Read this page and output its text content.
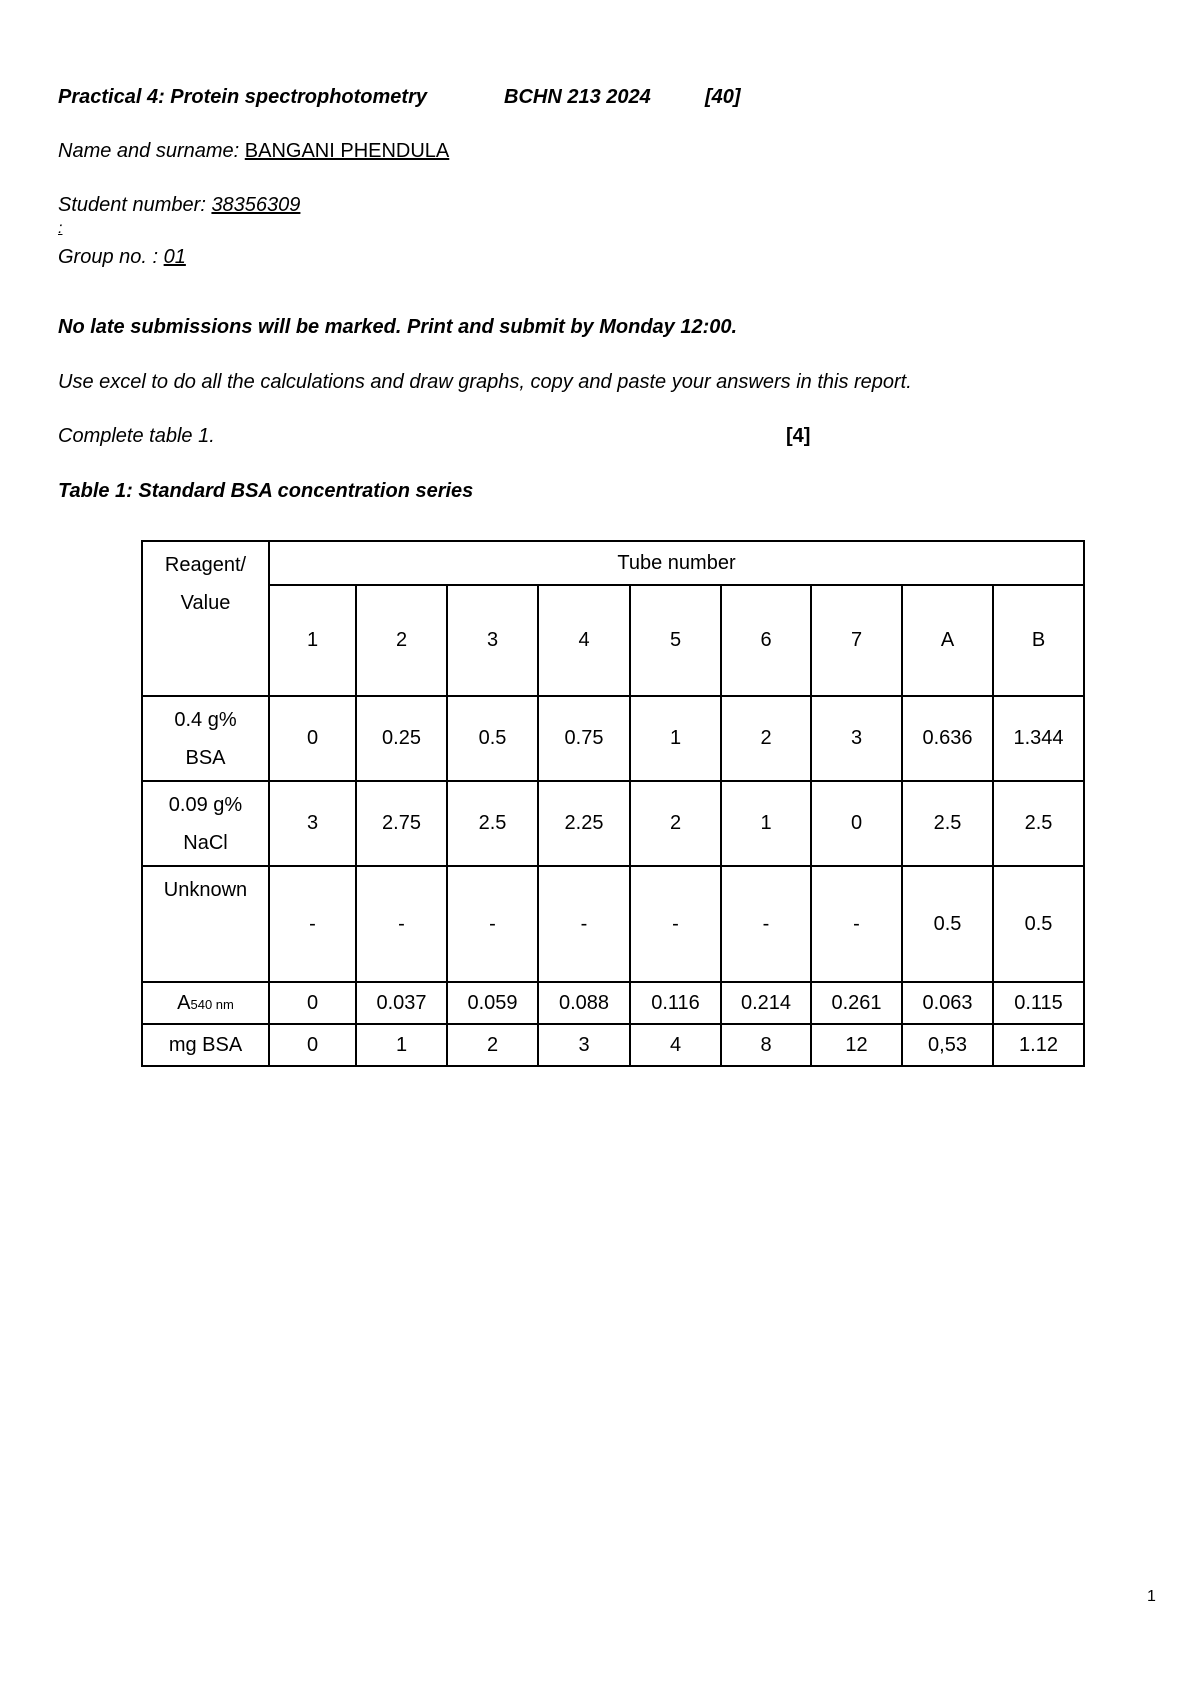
Practical 4: Protein spectrophotometry	BCHN 213 2024	[40]
Name and surname: BANGANI PHENDULA
Student number: 38356309
:
Group no. : 01
No late submissions will be marked. Print and submit by Monday 12:00.
Use excel to do all the calculations and draw graphs, copy and paste your answers in this report.
Complete table 1.	[4]
Table 1: Standard BSA concentration series
Reagent/
Value	Tube number								
	1	2	3	4	5	6	7	A	B
0.4 g%
BSA	0	0.25	0.5	0.75	1	2	3	0.636	1.344
0.09 g%
NaCl	3	2.75	2.5	2.25	2	1	0	2.5	2.5
Unknown	-	-	-	-	-	-	-	0.5	0.5
A540 nm	0	0.037	0.059	0.088	0.116	0.214	0.261	0.063	0.115
mg BSA	0	1	2	3	4	8	12	0,53	1.12
1
